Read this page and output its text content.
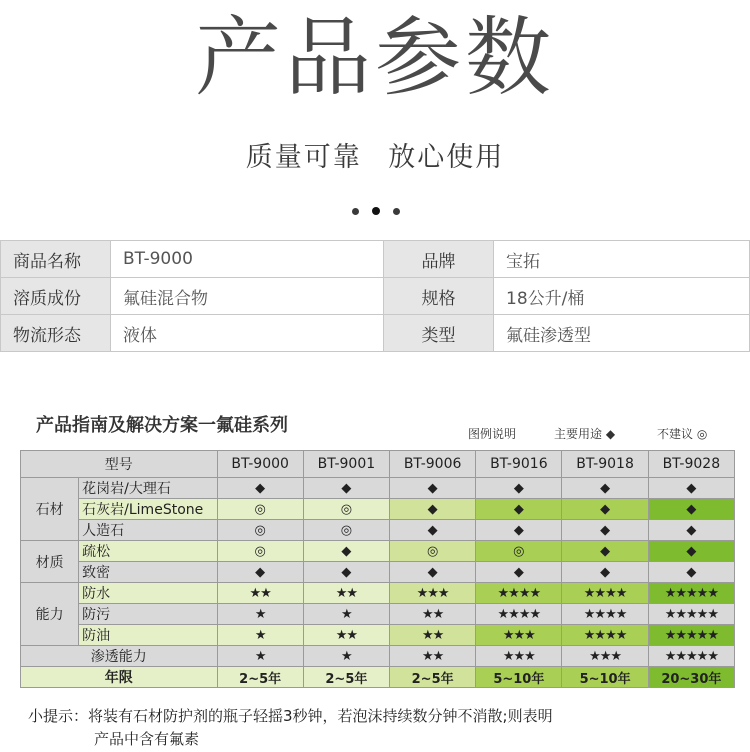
产品参数
质量可靠 放心使用
商品名称	BT-9000	品牌	宝拓
溶质成份	氟硅混合物	规格	18公升/桶
物流形态	液体	类型	氟硅渗透型
产品指南及解决方案一氟硅系列	图例说明	主要用途 ◆	不建议 ◎
型号		BT-9000	BT-9001	BT-9006	BT-9016	BT-9018	BT-9028
石材	花岗岩/大理石	◆	◆	◆	◆	◆	◆
	石灰岩/LimeStone	◎	◎	◆	◆	◆	◆
	人造石	◎	◎	◆	◆	◆	◆
材质	疏松	◎	◆	◎	◎	◆	◆
	致密	◆	◆	◆	◆	◆	◆
能力	防水	★★	★★	★★★	★★★★	★★★★	★★★★★
	防污	★	★	★★	★★★★	★★★★	★★★★★
	防油	★	★★	★★	★★★	★★★★	★★★★★
渗透能力		★	★	★★	★★★	★★★	★★★★★
年限		2~5年	2~5年	2~5年	5~10年	5~10年	20~30年
小提示：将装有石材防护剂的瓶子轻摇3秒钟，若泡沫持续数分钟不消散;则表明
产品中含有氟素
